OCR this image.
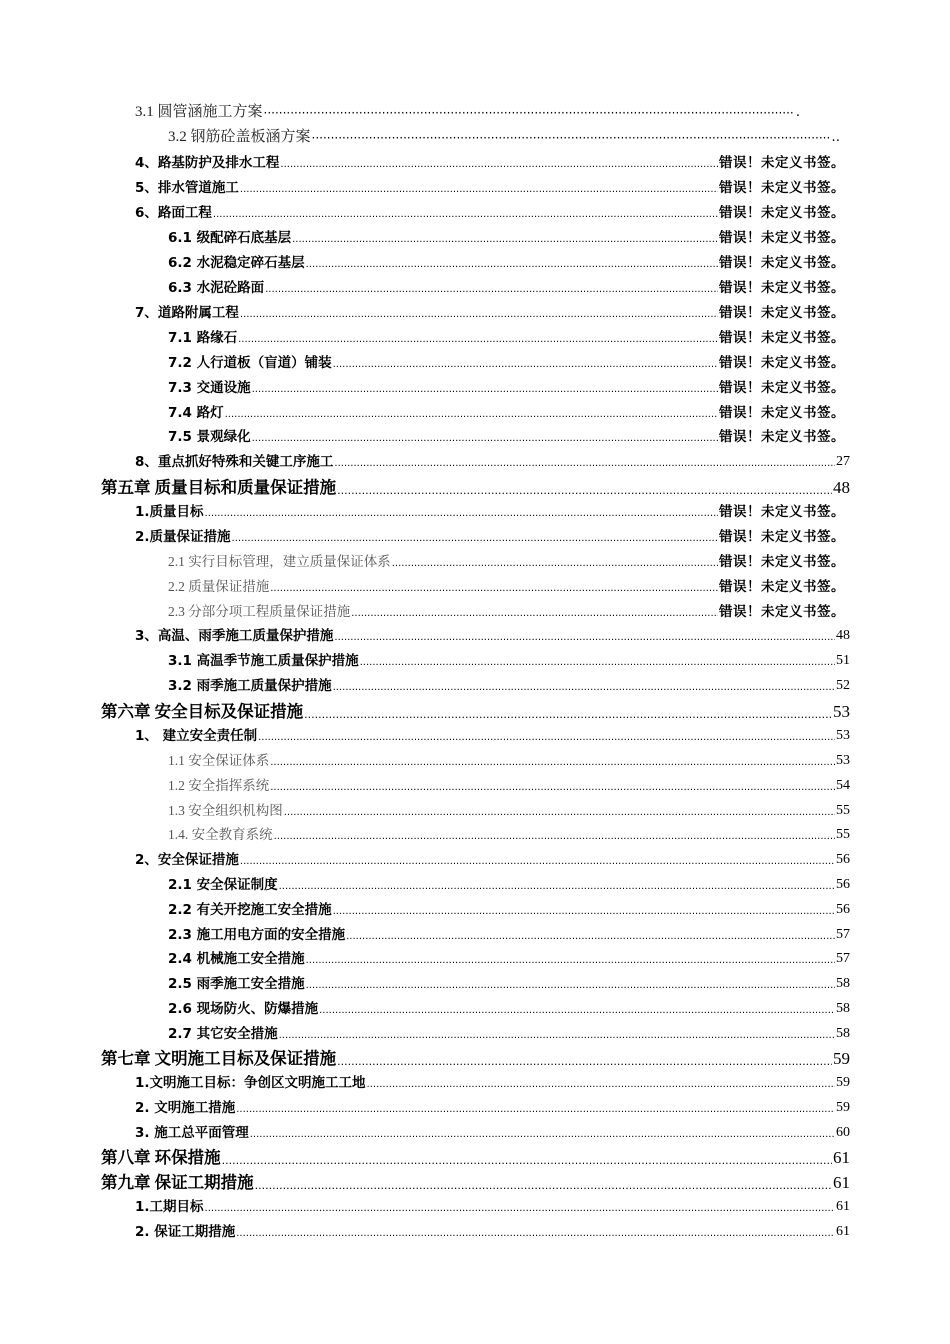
3.1 圆管涵施工方案 ·····	.
3.2 钢筋砼盖板涵方案 ·····	..
4、路基防护及排水工程 .....	错误！未定义书签。
5、排水管道施工 .....	错误！未定义书签。
6、路面工程 .....	错误！未定义书签。
6.1 级配碎石底基层 .....	错误！未定义书签。
6.2 水泥稳定碎石基层 .....	错误！未定义书签。
6.3 水泥砼路面 .....	错误！未定义书签。
7、道路附属工程 .....	错误！未定义书签。
7.1 路缘石 .....	错误！未定义书签。
7.2 人行道板（盲道）铺装 .....	错误！未定义书签。
7.3 交通设施 .....	错误！未定义书签。
7.4 路灯 .....	错误！未定义书签。
7.5 景观绿化 .....	错误！未定义书签。
8、重点抓好特殊和关键工序施工 .....	27
第五章 质量目标和质量保证措施 .....	48
1.质量目标 .....	错误！未定义书签。
2.质量保证措施 .....	错误！未定义书签。
2.1 实行目标管理，建立质量保证体系 .....	错误！未定义书签。
2.2 质量保证措施 .....	错误！未定义书签。
2.3 分部分项工程质量保证措施 .....	错误！未定义书签。
3、高温、雨季施工质量保护措施 .....	48
3.1 高温季节施工质量保护措施 .....	51
3.2 雨季施工质量保护措施 .....	52
第六章 安全目标及保证措施 .....	53
1、 建立安全责任制 .....	53
1.1 安全保证体系 .....	53
1.2 安全指挥系统 .....	54
1.3 安全组织机构图 .....	55
1.4. 安全教育系统 .....	55
2、安全保证措施 .....	56
2.1 安全保证制度 .....	56
2.2 有关开挖施工安全措施 .....	56
2.3 施工用电方面的安全措施 .....	57
2.4 机械施工安全措施 .....	57
2.5 雨季施工安全措施 .....	58
2.6 现场防火、防爆措施 .....	58
2.7 其它安全措施 .....	58
第七章 文明施工目标及保证措施 .....	59
1.文明施工目标：争创区文明施工工地 .....	59
2. 文明施工措施 .....	59
3. 施工总平面管理 .....	60
第八章 环保措施 .....	61
第九章 保证工期措施 .....	61
1.工期目标 .....	61
2. 保证工期措施 .....	61
